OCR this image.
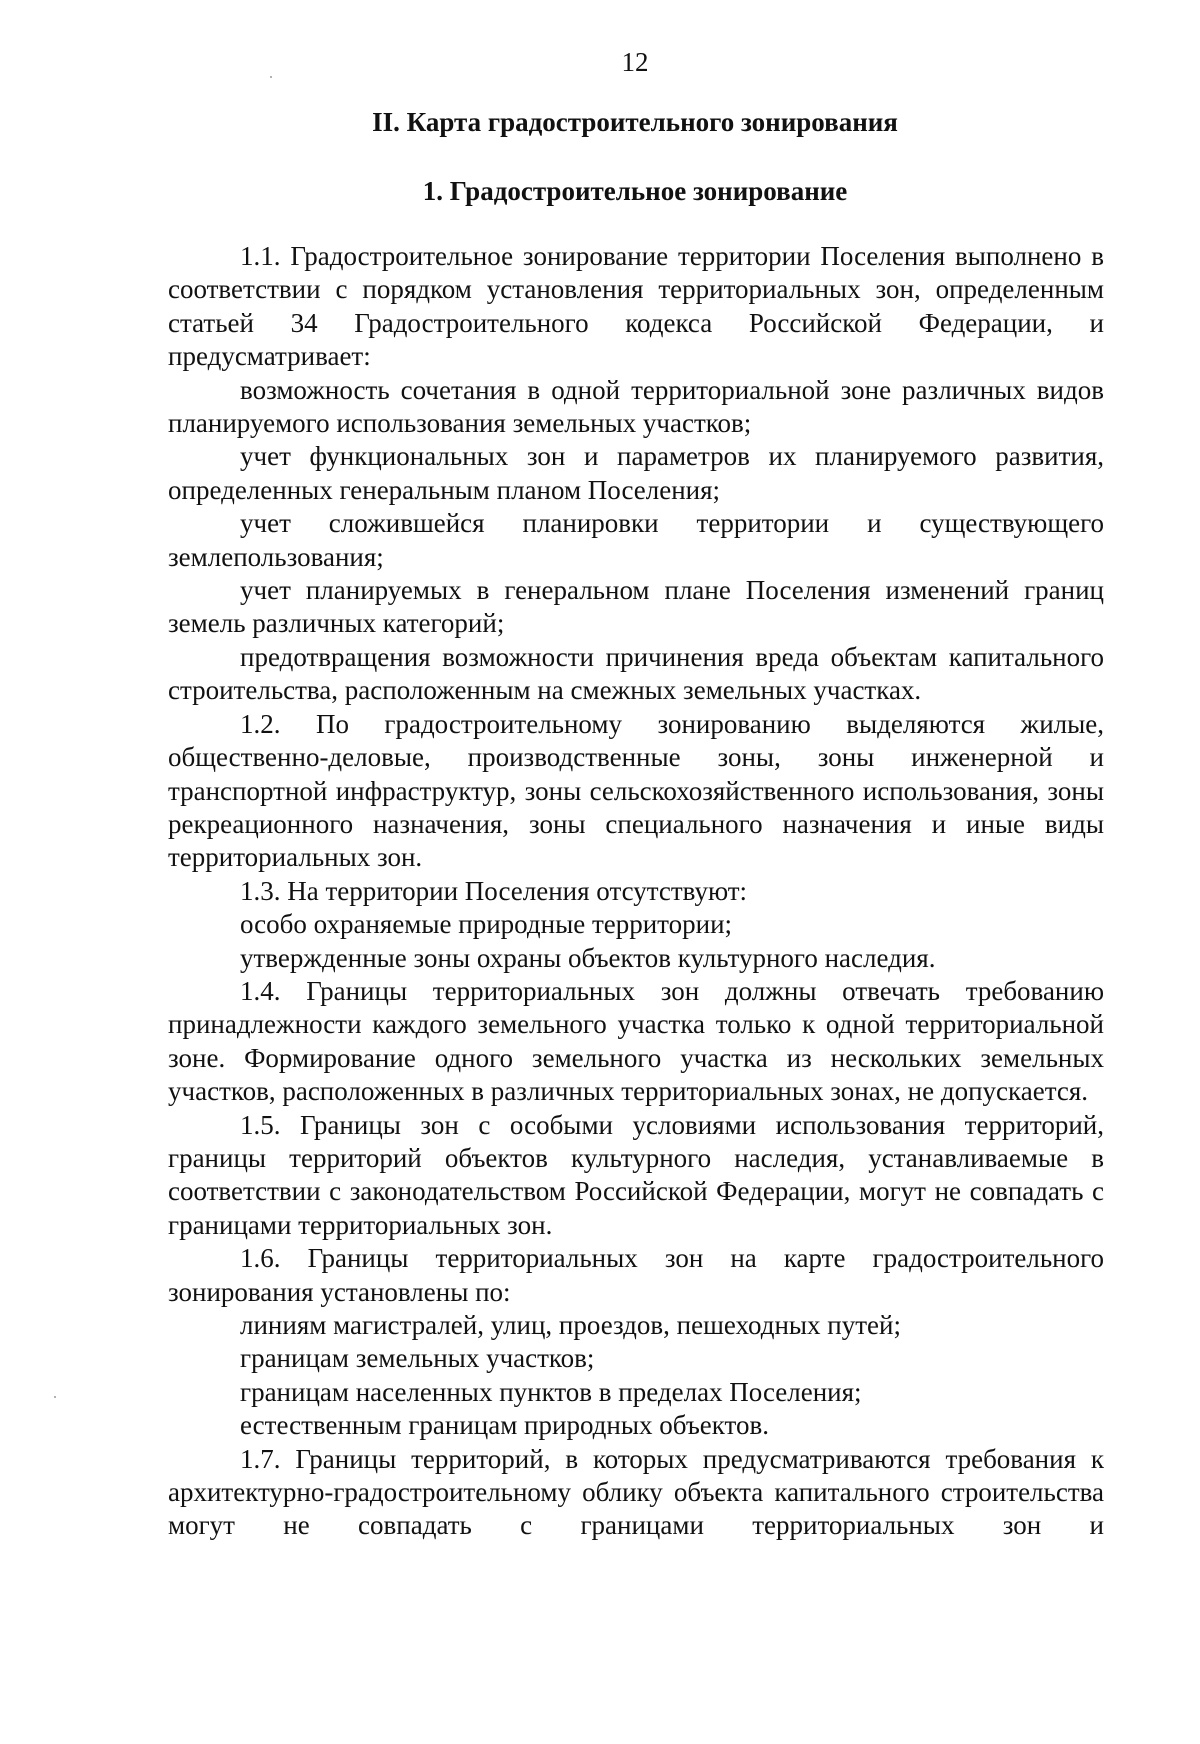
12
II. Карта градостроительного зонирования
1. Градостроительное зонирование

1.1. Градостроительное зонирование территории Поселения выполнено в соответствии с порядком установления территориальных зон, определенным статьей 34 Градостроительного кодекса Российской Федерации, и предусматривает:

возможность сочетания в одной территориальной зоне различных видов планируемого использования земельных участков;

учет функциональных зон и параметров их планируемого развития, определенных генеральным планом Поселения;

учет сложившейся планировки территории и существующего землепользования;

учет планируемых в генеральном плане Поселения изменений границ земель различных категорий;

предотвращения возможности причинения вреда объектам капитального строительства, расположенным на смежных земельных участках.

1.2. По градостроительному зонированию выделяются жилые, общественно-деловые, производственные зоны, зоны инженерной и транспортной инфраструктур, зоны сельскохозяйственного использования, зоны рекреационного назначения, зоны специального назначения и иные виды территориальных зон.

1.3. На территории Поселения отсутствуют:

особо охраняемые природные территории;

утвержденные зоны охраны объектов культурного наследия.

1.4. Границы территориальных зон должны отвечать требованию принадлежности каждого земельного участка только к одной территориальной зоне. Формирование одного земельного участка из нескольких земельных участков, расположенных в различных территориальных зонах, не допускается.

1.5. Границы зон с особыми условиями использования территорий, границы территорий объектов культурного наследия, устанавливаемые в соответствии с законодательством Российской Федерации, могут не совпадать с границами территориальных зон.

1.6. Границы территориальных зон на карте градостроительного зонирования установлены по:

линиям магистралей, улиц, проездов, пешеходных путей;

границам земельных участков;

границам населенных пунктов в пределах Поселения;

естественным границам природных объектов.

1.7. Границы территорий, в которых предусматриваются требования к архитектурно-градостроительному облику объекта капитального строительства могут не совпадать с границами территориальных зон и
